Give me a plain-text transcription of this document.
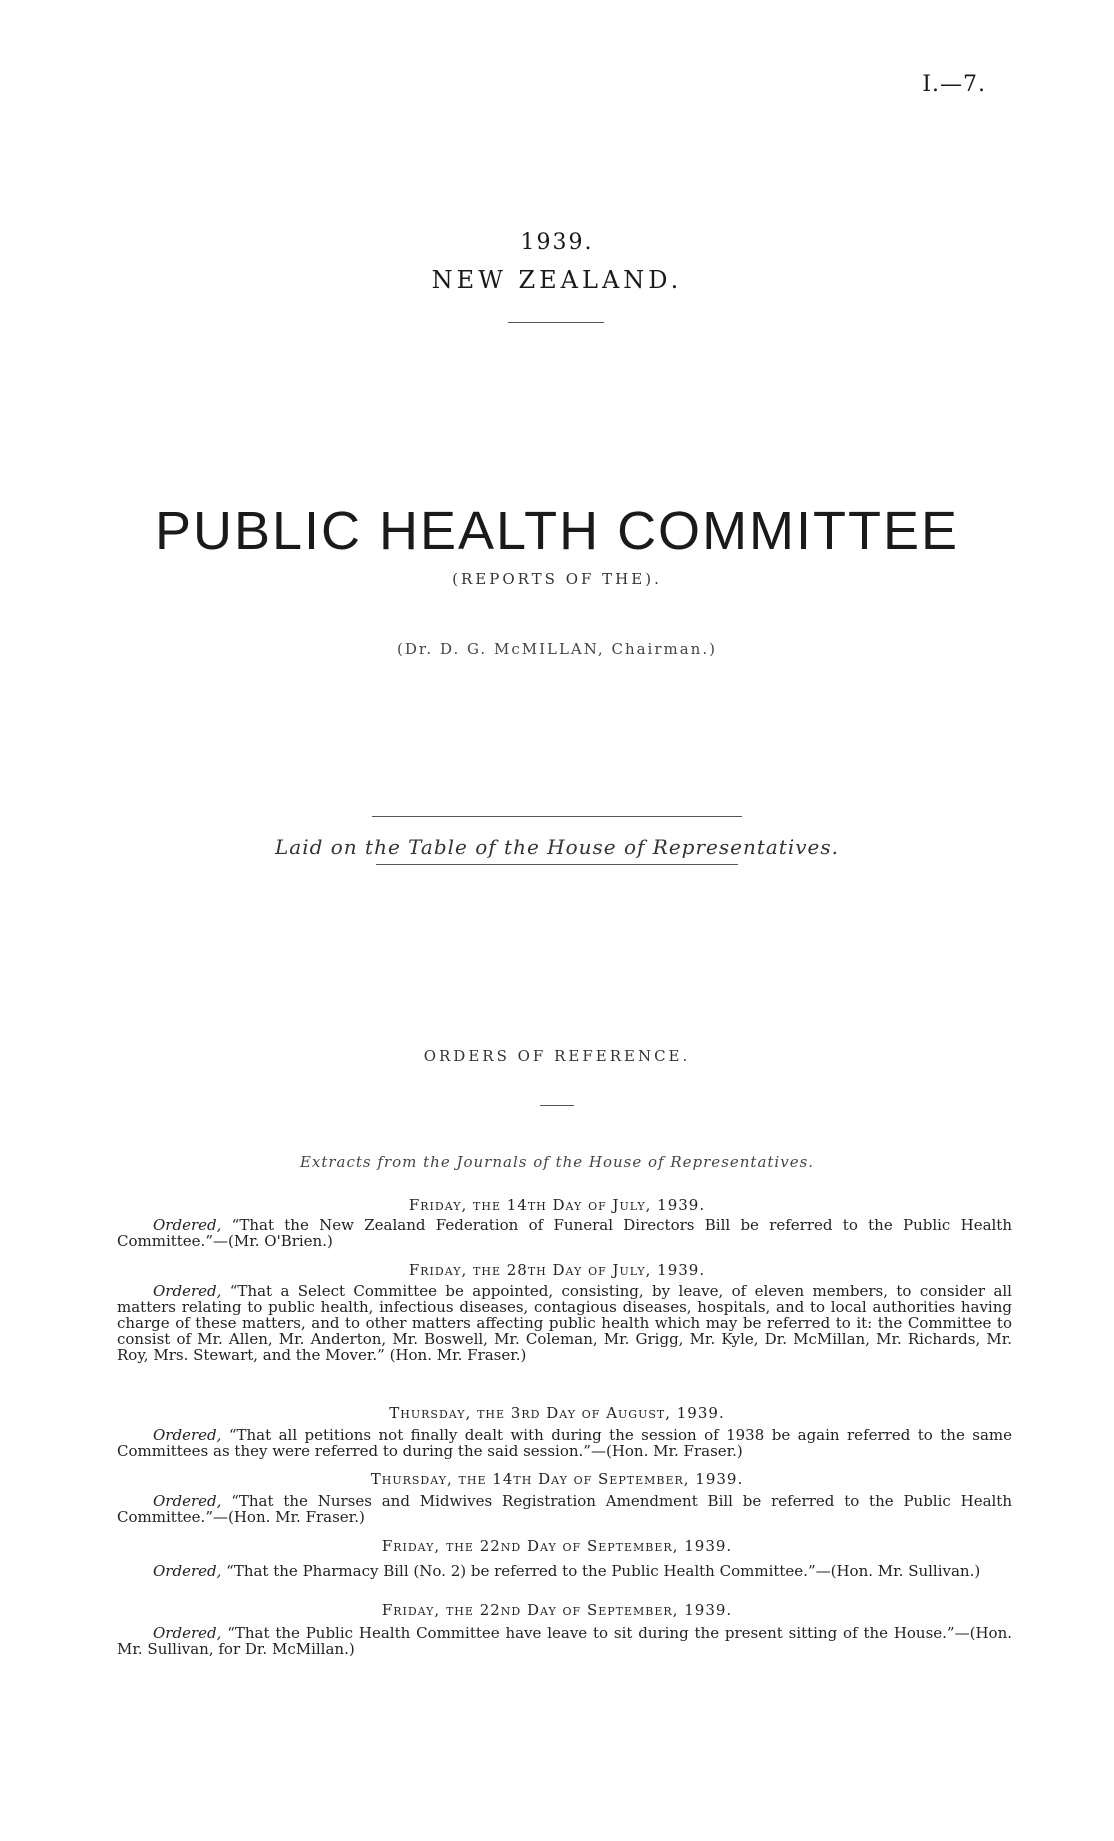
I.—7.
1939.
NEW ZEALAND.
PUBLIC HEALTH COMMITTEE
(REPORTS OF THE).
(Dr. D. G. McMILLAN, Chairman.)
Laid on the Table of the House of Representatives.
ORDERS OF REFERENCE.
Extracts from the Journals of the House of Representatives.
Friday, the 14th Day of July, 1939.
Ordered, “That the New Zealand Federation of Funeral Directors Bill be referred to the Public Health Committee.”—(Mr. O'Brien.)
Friday, the 28th Day of July, 1939.
Ordered, “That a Select Committee be appointed, consisting, by leave, of eleven members, to consider all matters relating to public health, infectious diseases, contagious diseases, hospitals, and to local authorities having charge of these matters, and to other matters affecting public health which may be referred to it: the Committee to consist of Mr. Allen, Mr. Anderton, Mr. Boswell, Mr. Coleman, Mr. Grigg, Mr. Kyle, Dr. McMillan, Mr. Richards, Mr. Roy, Mrs. Stewart, and the Mover.” (Hon. Mr. Fraser.)
Thursday, the 3rd Day of August, 1939.
Ordered, “That all petitions not finally dealt with during the session of 1938 be again referred to the same Committees as they were referred to during the said session.”—(Hon. Mr. Fraser.)
Thursday, the 14th Day of September, 1939.
Ordered, “That the Nurses and Midwives Registration Amendment Bill be referred to the Public Health Committee.”—(Hon. Mr. Fraser.)
Friday, the 22nd Day of September, 1939.
Ordered, “That the Pharmacy Bill (No. 2) be referred to the Public Health Committee.”—(Hon. Mr. Sullivan.)
Friday, the 22nd Day of September, 1939.
Ordered, “That the Public Health Committee have leave to sit during the present sitting of the House.”—(Hon. Mr. Sullivan, for Dr. McMillan.)
